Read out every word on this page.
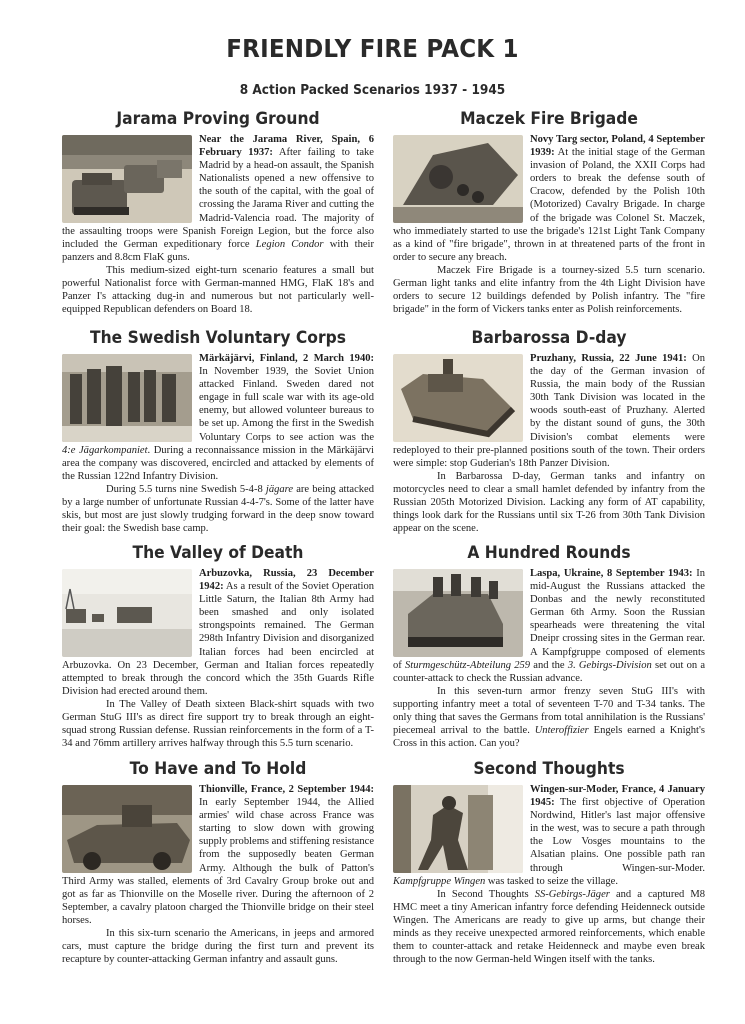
FRIENDLY FIRE PACK 1
8 Action Packed Scenarios 1937 - 1945
Jarama Proving Ground

Near the Jarama River, Spain, 6 February 1937: After failing to take Madrid by a head-on assault, the Spanish Nationalists opened a new offensive to the south of the capital, with the goal of crossing the Jarama River and cutting the Madrid-Valencia road. The majority of the assaulting troops were Spanish Foreign Legion, but the force also included the German expeditionary force Legion Condor with their panzers and 8.8cm FlaK guns.

This medium-sized eight-turn scenario features a small but powerful Nationalist force with German-manned HMG, FlaK 18's and Panzer I's attacking dug-in and numerous but not particularly well-equipped Republican defenders on Board 18.

Maczek Fire Brigade

Novy Targ sector, Poland, 4 September 1939: At the initial stage of the German invasion of Poland, the XXII Corps had orders to break the defense south of Cracow, defended by the Polish 10th (Motorized) Cavalry Brigade. In charge of the brigade was Colonel St. Maczek, who immediately started to use the brigade's 121st Light Tank Company as a kind of "fire brigade", thrown in at threatened parts of the front in order to secure any breach.

Maczek Fire Brigade is a tourney-sized 5.5 turn scenario. German light tanks and elite infantry from the 4th Light Division have orders to secure 12 buildings defended by Polish infantry. The "fire brigade" in the form of Vickers tanks enter as Polish reinforcements.

The Swedish Voluntary Corps

Märkäjärvi, Finland, 2 March 1940: In November 1939, the Soviet Union attacked Finland. Sweden dared not engage in full scale war with its age-old enemy, but allowed volunteer bureaus to be set up. Among the first in the Swedish Voluntary Corps to see action was the 4:e Jägarkompaniet. During a reconnaissance mission in the Märkäjärvi area the company was discovered, encircled and attacked by elements of the Russian 122nd Infantry Division.

During 5.5 turns nine Swedish 5-4-8 jägare are being attacked by a large number of unfortunate Russian 4-4-7's. Some of the latter have skis, but most are just slowly trudging forward in the deep snow toward their goal: the Swedish base camp.

Barbarossa D-day

Pruzhany, Russia, 22 June 1941: On the day of the German invasion of Russia, the main body of the Russian 30th Tank Division was located in the woods south-east of Pruzhany. Alerted by the distant sound of guns, the 30th Division's combat elements were redeployed to their pre-planned positions south of the town. Their orders were simple: stop Guderian's 18th Panzer Division.

In Barbarossa D-day, German tanks and infantry on motorcycles need to clear a small hamlet defended by infantry from the Russian 205th Motorized Division. Lacking any form of AT capability, things look dark for the Russians until six T-26 from 30th Tank Division appear on the scene.

The Valley of Death

Arbuzovka, Russia, 23 December 1942: As a result of the Soviet Operation Little Saturn, the Italian 8th Army had been smashed and only isolated strongspoints remained. The German 298th Infantry Division and disorganized Italian forces had been encircled at Arbuzovka. On 23 December, German and Italian forces repeatedly attempted to break through the concord which the 35th Guards Rifle Division had erected around them.

In The Valley of Death sixteen Black-shirt squads with two German StuG III's as direct fire support try to break through an eight-squad strong Russian defense. Russian reinforcements in the form of a T-34 and 76mm artillery arrives halfway through this 5.5 turn scenario.

A Hundred Rounds

Laspa, Ukraine, 8 September 1943: In mid-August the Russians attacked the Donbas and the newly reconstituted German 6th Army. Soon the Russian spearheads were threatening the vital Dneipr crossing sites in the German rear. A Kampfgruppe composed of elements of Sturmgeschütz-Abteilung 259 and the 3. Gebirgs-Division set out on a counter-attack to check the Russian advance.

In this seven-turn armor frenzy seven StuG III's with supporting infantry meet a total of seventeen T-70 and T-34 tanks. The only thing that saves the Germans from total annihilation is the Russians' piecemeal arrival to the battle. Unteroffizier Engels earned a Knight's Cross in this action. Can you?

To Have and To Hold

Thionville, France, 2 September 1944: In early September 1944, the Allied armies' wild chase across France was starting to slow down with growing supply problems and stiffening resistance from the supposedly beaten German Army. Although the bulk of Patton's Third Army was stalled, elements of 3rd Cavalry Group broke out and got as far as Thionville on the Moselle river. During the afternoon of 2 September, a cavalry platoon charged the Thionville bridge on their steel horses.

In this six-turn scenario the Americans, in jeeps and armored cars, must capture the bridge during the first turn and prevent its recapture by counter-attacking German infantry and assault guns.

Second Thoughts

Wingen-sur-Moder, France, 4 January 1945: The first objective of Operation Nordwind, Hitler's last major offensive in the west, was to secure a path through the Low Vosges mountains to the Alsatian plains. One possible path ran through Wingen-sur-Moder. Kampfgruppe Wingen was tasked to seize the village.

In Second Thoughts SS-Gebirgs-Jäger and a captured M8 HMC meet a tiny American infantry force defending Heidenneck outside Wingen. The Americans are ready to give up arms, but change their minds as they receive unexpected armored reinforcements, which enable them to counter-attack and retake Heidenneck and maybe even break through to the now German-held Wingen itself with the tanks.
